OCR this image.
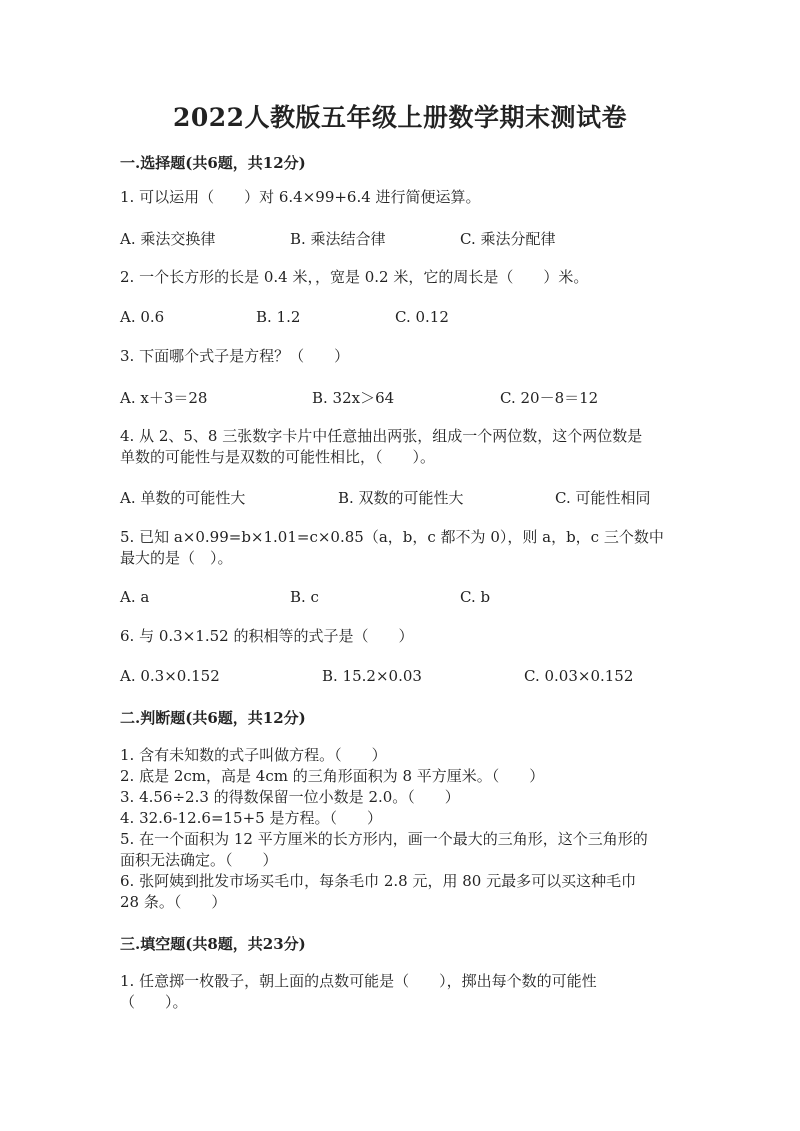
2022人教版五年级上册数学期末测试卷
一.选择题(共6题，共12分)
1. 可以运用（　　）对 6.4×99+6.4 进行简便运算。
A. 乘法交换律	B. 乘法结合律	C. 乘法分配律
2. 一个长方形的长是 0.4 米，，宽是 0.2 米，它的周长是（　　）米。
A. 0.6	B. 1.2	C. 0.12
3. 下面哪个式子是方程？（　　）
A. x＋3＝28	B. 32x＞64	C. 20－8＝12
4. 从 2、5、8 三张数字卡片中任意抽出两张，组成一个两位数，这个两位数是
单数的可能性与是双数的可能性相比，（　　）。
A. 单数的可能性大	B. 双数的可能性大	C. 可能性相同
5. 已知 a×0.99=b×1.01=c×0.85（a，b，c 都不为 0），则 a，b，c 三个数中
最大的是（　）。
A. a	B. c	C. b
6. 与 0.3×1.52 的积相等的式子是（　　）
A. 0.3×0.152	B. 15.2×0.03	C. 0.03×0.152
二.判断题(共6题，共12分)
1. 含有未知数的式子叫做方程。（　　）
2. 底是 2cm，高是 4cm 的三角形面积为 8 平方厘米。（　　）
3. 4.56÷2.3 的得数保留一位小数是 2.0。（　　）
4. 32.6-12.6=15+5 是方程。（　　）
5. 在一个面积为 12 平方厘米的长方形内，画一个最大的三角形，这个三角形的
面积无法确定。（　　）
6. 张阿姨到批发市场买毛巾，每条毛巾 2.8 元，用 80 元最多可以买这种毛巾
28 条。（　　）
三.填空题(共8题，共23分)
1. 任意掷一枚骰子，朝上面的点数可能是（　　），掷出每个数的可能性
（　　）。
